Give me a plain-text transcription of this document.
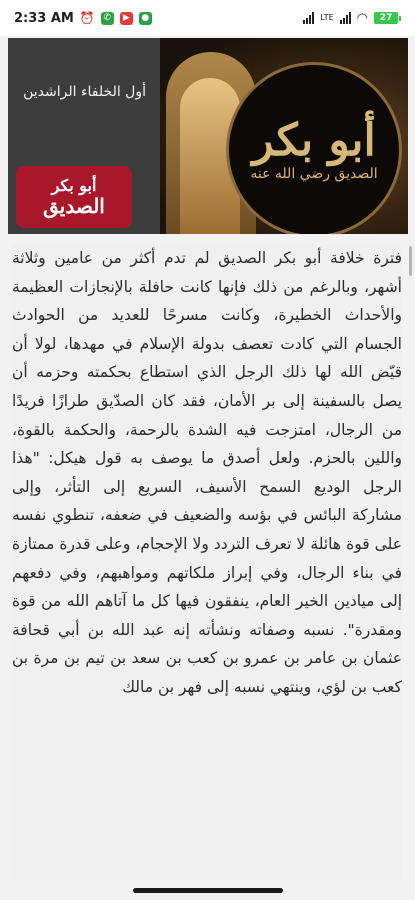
2:33 AM ⏰ ✆	▶	●	LTE ◠	27
أول الخلفاء الراشدين
أبو بكر
الصديق
أبو بكر
الصديق رضي الله عنه
فترة خلافة أبو بكر الصديق لم تدم أكثر من عامين وثلاثة أشهر، وبالرغم من ذلك فإنها كانت حافلة بالإنجازات العظيمة والأحداث الخطيرة، وكانت مسرحًا للعديد من الحوادث الجسام التي كادت تعصف بدولة الإسلام في مهدها، لولا أن قيّض الله لها ذلك الرجل الذي استطاع بحكمته وحزمه أن يصل بالسفينة إلى بر الأمان، فقد كان الصدّيق طرازًا فريدًا من الرجال، امتزجت فيه الشدة بالرحمة، والحكمة بالقوة، واللين بالحزم. ولعل أصدق ما يوصف به قول هيكل: "هذا الرجل الوديع السمح الأسيف، السريع إلى التأثر، وإلى مشاركة البائس في بؤسه والضعيف في ضعفه، تنطوي نفسه على قوة هائلة لا تعرف التردد ولا الإحجام، وعلى قدرة ممتازة في بناء الرجال، وفي إبراز ملكاتهم ومواهبهم، وفي دفعهم إلى ميادين الخير العام، ينفقون فيها كل ما آتاهم الله من قوة ومقدرة". نسبه وصفاته ونشأته إنه عبد الله بن أبي قحافة عثمان بن عامر بن عمرو بن كعب بن سعد بن تيم بن مرة بن كعب بن لؤي، وينتهي نسبه إلى فهر بن مالك
